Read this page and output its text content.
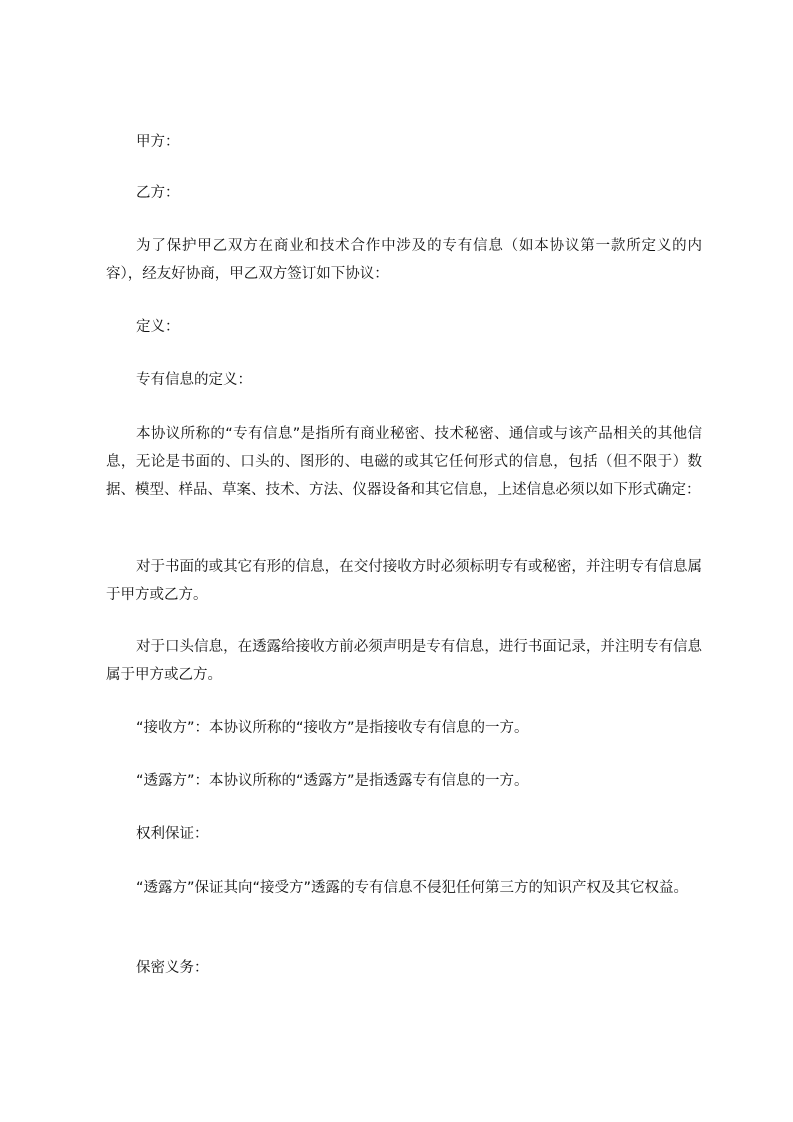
甲方：

乙方：

为了保护甲乙双方在商业和技术合作中涉及的专有信息（如本协议第一款所定义的内容），经友好协商，甲乙双方签订如下协议：

定义：

专有信息的定义：

本协议所称的“专有信息”是指所有商业秘密、技术秘密、通信或与该产品相关的其他信息，无论是书面的、口头的、图形的、电磁的或其它任何形式的信息，包括（但不限于）数据、模型、样品、草案、技术、方法、仪器设备和其它信息，上述信息必须以如下形式确定：

对于书面的或其它有形的信息，在交付接收方时必须标明专有或秘密，并注明专有信息属于甲方或乙方。

对于口头信息，在透露给接收方前必须声明是专有信息，进行书面记录，并注明专有信息属于甲方或乙方。

“接收方”：本协议所称的“接收方”是指接收专有信息的一方。

“透露方”：本协议所称的“透露方”是指透露专有信息的一方。

权利保证：

“透露方”保证其向“接受方”透露的专有信息不侵犯任何第三方的知识产权及其它权益。

保密义务：
